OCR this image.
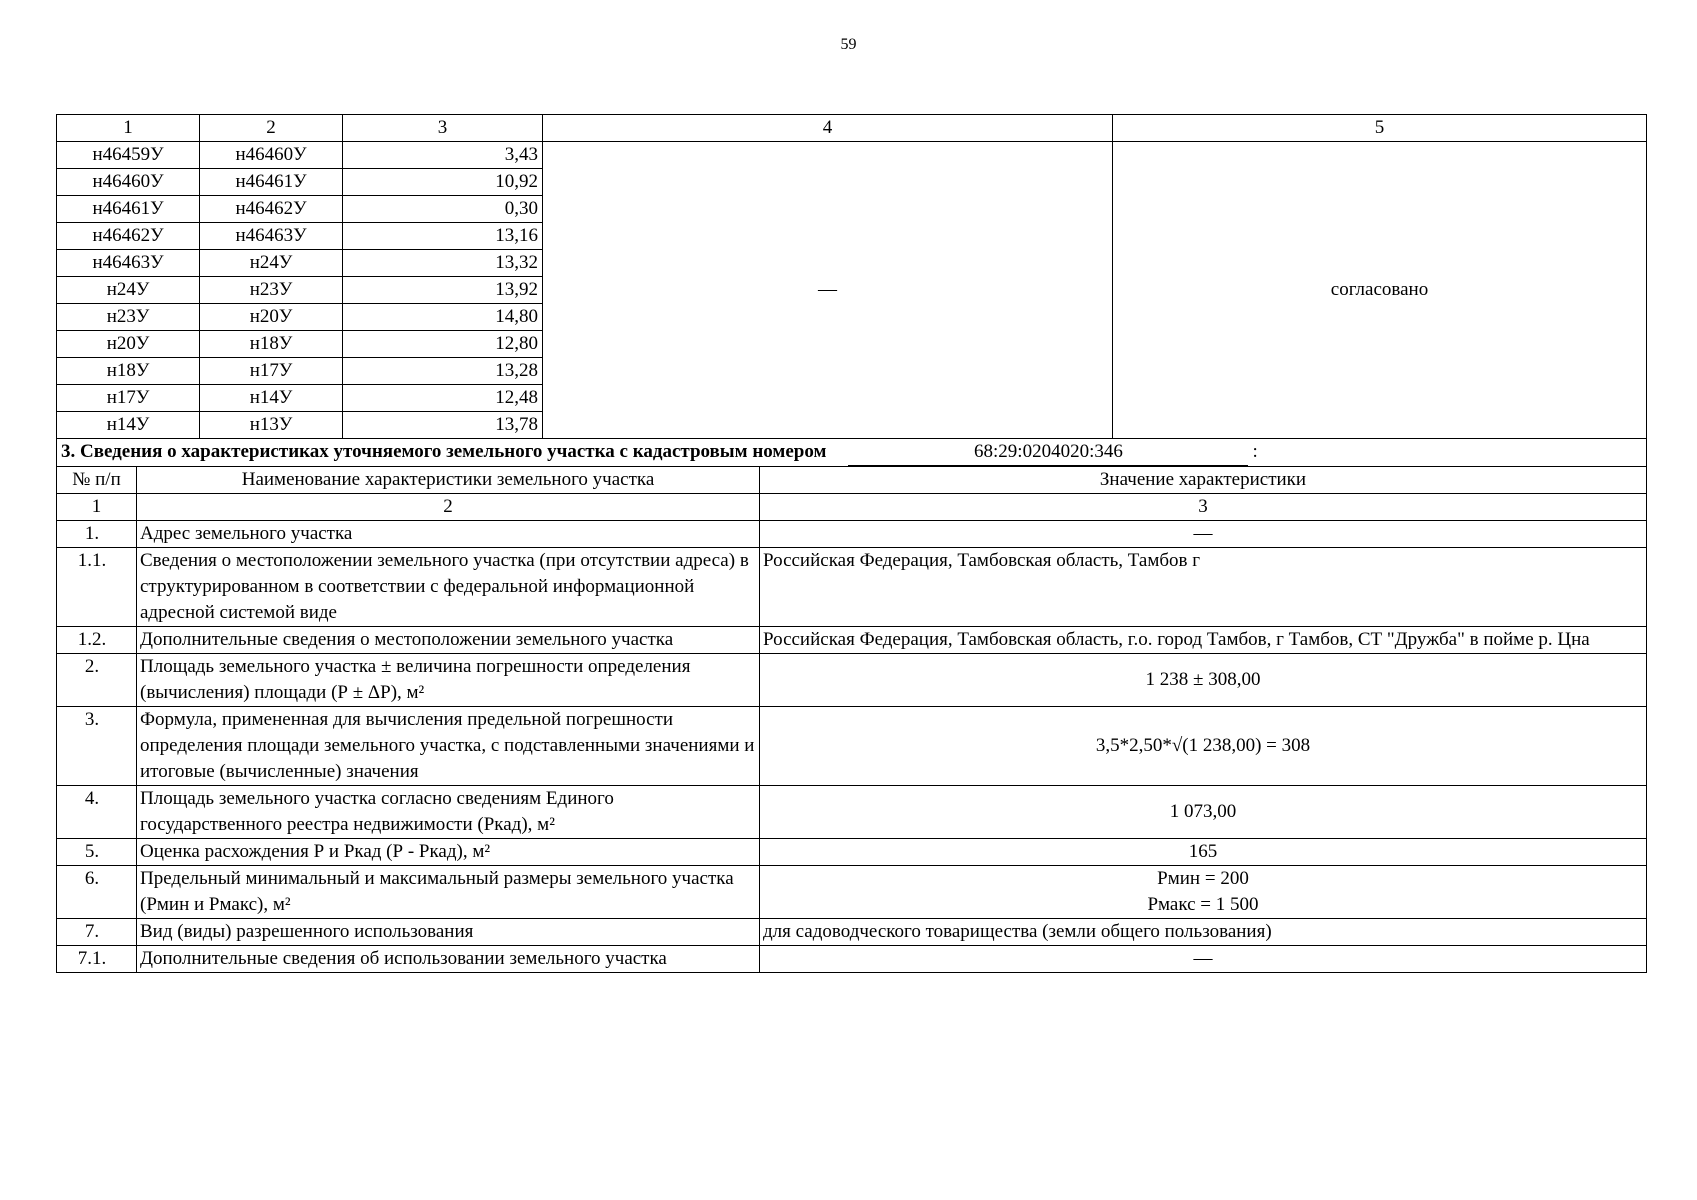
59
1	2	3	4	5
н46459У	н46460У	3,43	—	согласовано
н46460У	н46461У	10,92		
н46461У	н46462У	0,30		
н46462У	н46463У	13,16		
н46463У	н24У	13,32		
н24У	н23У	13,92		
н23У	н20У	14,80		
н20У	н18У	12,80		
н18У	н17У	13,28		
н17У	н14У	12,48		
н14У	н13У	13,78		
3. Сведения о характеристиках уточняемого земельного участка с кадастровым номером 68:29:0204020:346 :				
№ п/п	Наименование характеристики земельного участка	Значение характеристики
1	2	3
1.	Адрес земельного участка	—
1.1.	Сведения о местоположении земельного участка (при отсутствии адреса) в структурированном в соответствии с федеральной информационной адресной системой виде	Российская Федерация, Тамбовская область, Тамбов г
1.2.	Дополнительные сведения о местоположении земельного участка	Российская Федерация, Тамбовская область, г.о. город Тамбов, г Тамбов, СТ "Дружба" в пойме р. Цна
2.	Площадь земельного участка ± величина погрешности определения (вычисления) площади (Р ± ΔР), м²	1 238 ± 308,00
3.	Формула, примененная для вычисления предельной погрешности определения площади земельного участка, с подставленными значениями и итоговые (вычисленные) значения	3,5*2,50*√(1 238,00) = 308
4.	Площадь земельного участка согласно сведениям Единого государственного реестра недвижимости (Ркад), м²	1 073,00
5.	Оценка расхождения Р и Ркад (Р - Ркад), м²	165
6.	Предельный минимальный и максимальный размеры земельного участка (Рмин и Рмакс), м²	Рмин = 200
Рмакс = 1 500

7.	Вид (виды) разрешенного использования	для садоводческого товарищества (земли общего пользования)
7.1.	Дополнительные сведения об использовании земельного участка	—
